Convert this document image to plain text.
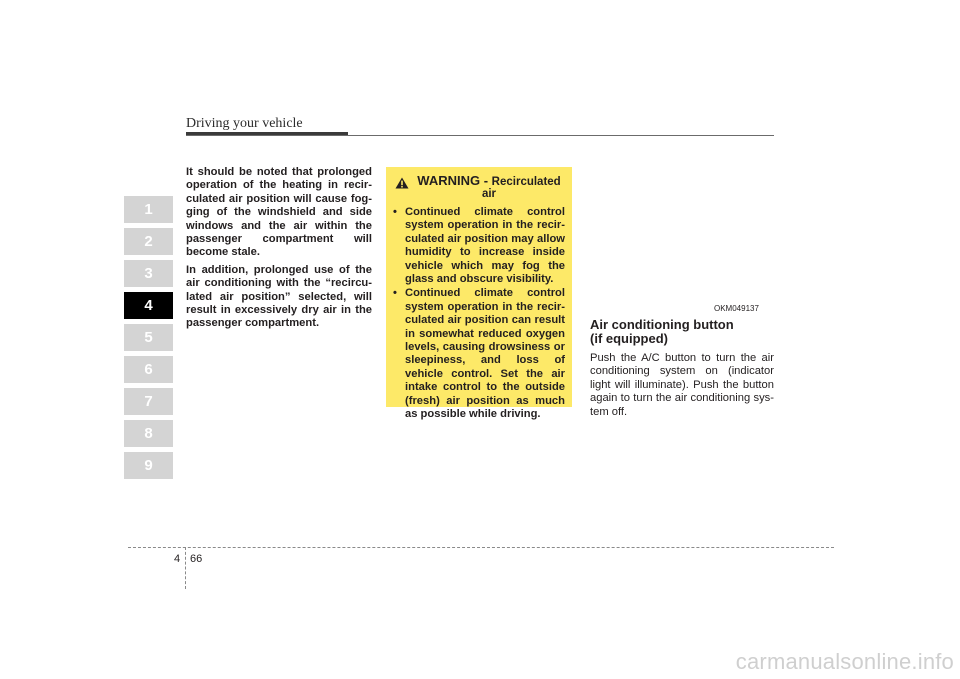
Driving your vehicle
1
2
3
4
5
6
7
8
9

It should be noted that prolonged operation of the heating in recirculated air position will cause fogging of the windshield and side windows and the air within the passenger compartment will become stale.

In addition, prolonged use of the air conditioning with the “recirculated air position” selected, will result in excessively dry air in the passenger compartment.

WARNING - Recirculated air
• Continued climate control system operation in the recirculated air position may allow humidity to increase inside vehicle which may fog the glass and obscure visibility.
• Continued climate control system operation in the recirculated air position can result in somewhat reduced oxygen levels, causing drowsiness or sleepiness, and loss of vehicle control. Set the air intake control to the outside (fresh) air position as much as possible while driving.
OKM049137
Air conditioning button
(if equipped)

Push the A/C button to turn the air conditioning system on (indicator light will illuminate). Push the button again to turn the air conditioning system off.

4 66
carmanualsonline.info
